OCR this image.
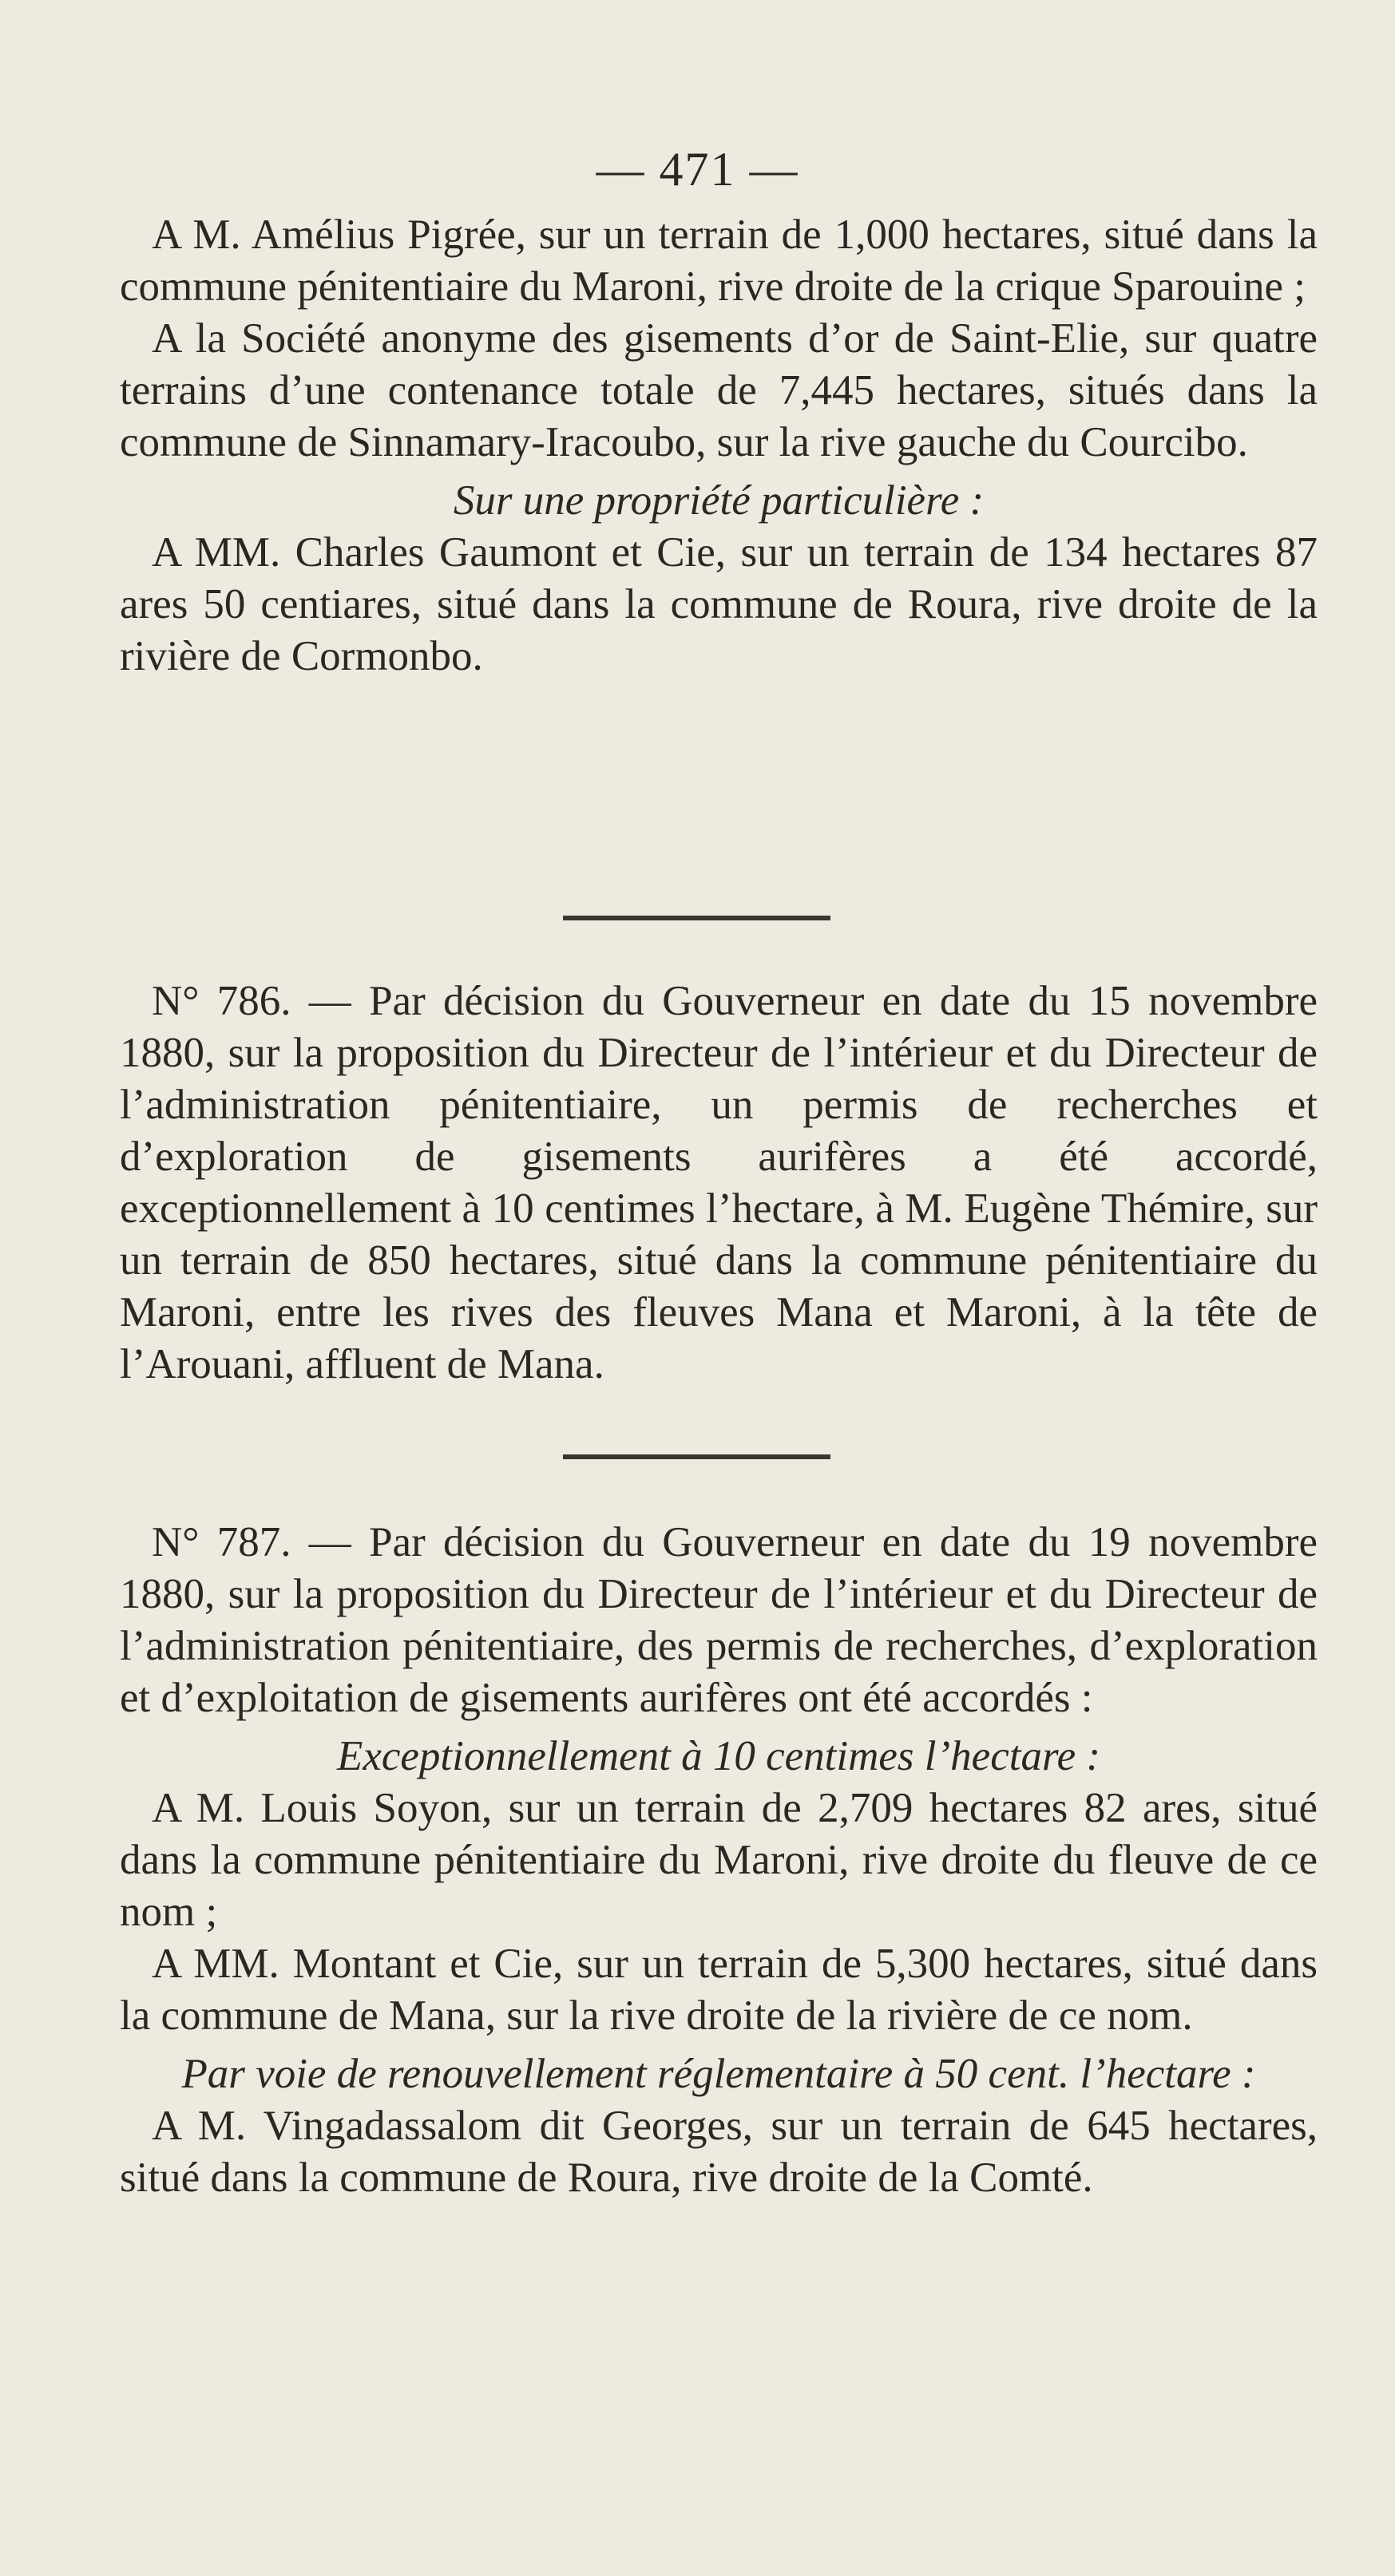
— 471 —

A M. Amélius Pigrée, sur un terrain de 1,000 hectares, situé dans la commune pénitentiaire du Maroni, rive droite de la crique Sparouine ;

A la Société anonyme des gisements d’or de Saint-Elie, sur quatre terrains d’une contenance totale de 7,445 hectares, situés dans la commune de Sinnamary-Iracoubo, sur la rive gauche du Courcibo.

Sur une propriété particulière :

A MM. Charles Gaumont et Cie, sur un terrain de 134 hectares 87 ares 50 centiares, situé dans la commune de Roura, rive droite de la rivière de Cormonbo.

N° 786. — Par décision du Gouverneur en date du 15 novembre 1880, sur la proposition du Directeur de l’intérieur et du Directeur de l’administration pénitentiaire, un permis de recherches et d’exploration de gisements aurifères a été accordé, exceptionnellement à 10 centimes l’hectare, à M. Eugène Thémire, sur un terrain de 850 hectares, situé dans la commune pénitentiaire du Maroni, entre les rives des fleuves Mana et Maroni, à la tête de l’Arouani, affluent de Mana.

N° 787. — Par décision du Gouverneur en date du 19 novembre 1880, sur la proposition du Directeur de l’intérieur et du Directeur de l’administration pénitentiaire, des permis de recherches, d’exploration et d’exploitation de gisements aurifères ont été accordés :

Exceptionnellement à 10 centimes l’hectare :

A M. Louis Soyon, sur un terrain de 2,709 hectares 82 ares, situé dans la commune pénitentiaire du Maroni, rive droite du fleuve de ce nom ;

A MM. Montant et Cie, sur un terrain de 5,300 hectares, situé dans la commune de Mana, sur la rive droite de la rivière de ce nom.

Par voie de renouvellement réglementaire à 50 cent. l’hectare :

A M. Vingadassalom dit Georges, sur un terrain de 645 hectares, situé dans la commune de Roura, rive droite de la Comté.
